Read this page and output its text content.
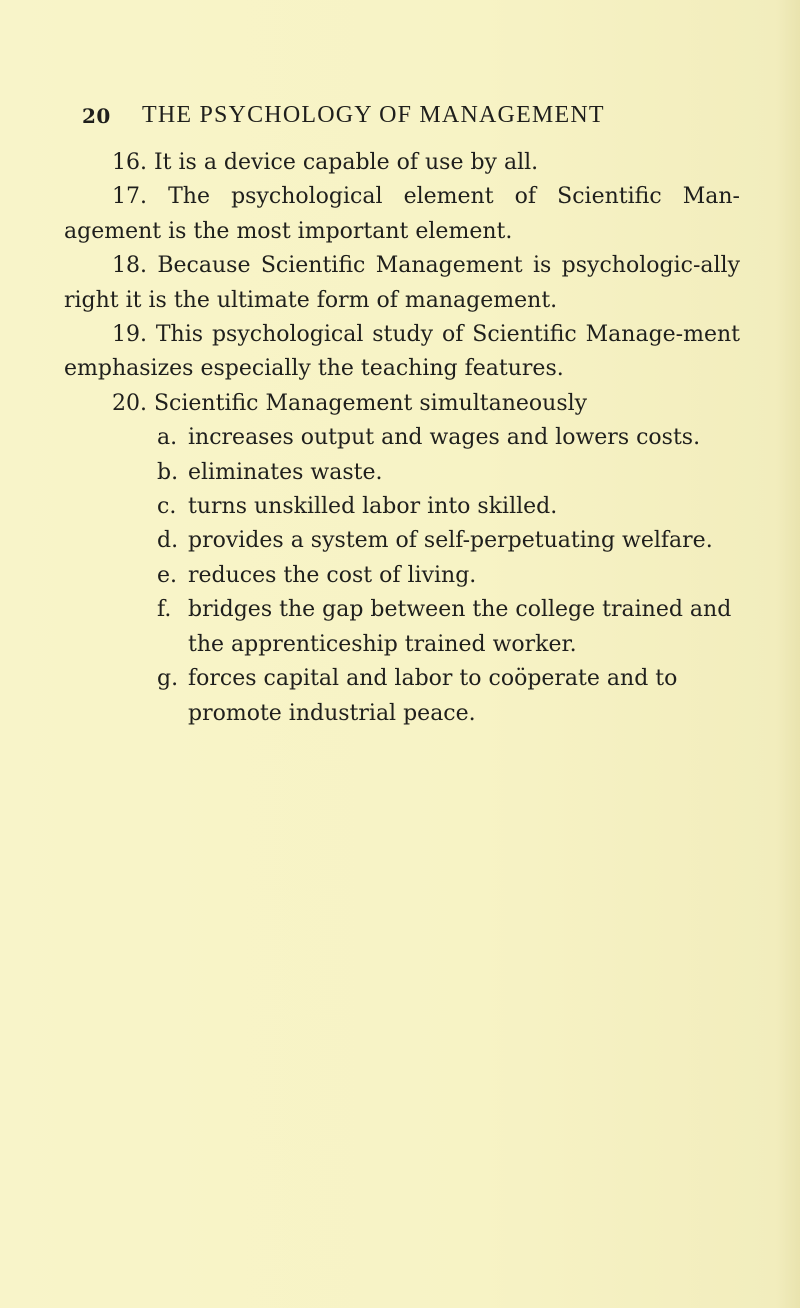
20 THE PSYCHOLOGY OF MANAGEMENT
16. It is a device capable of use by all.
17. The psychological element of Scientific Man-agement is the most important element.
18. Because Scientific Management is psychologic-ally right it is the ultimate form of management.
19. This psychological study of Scientific Manage-ment emphasizes especially the teaching features.
20. Scientific Management simultaneously
a. increases output and wages and lowers costs.
b. eliminates waste.
c. turns unskilled labor into skilled.
d. provides a system of self-perpetuating welfare.
e. reduces the cost of living.
f. bridges the gap between the college trained and the apprenticeship trained worker.
g. forces capital and labor to coöperate and to promote industrial peace.
